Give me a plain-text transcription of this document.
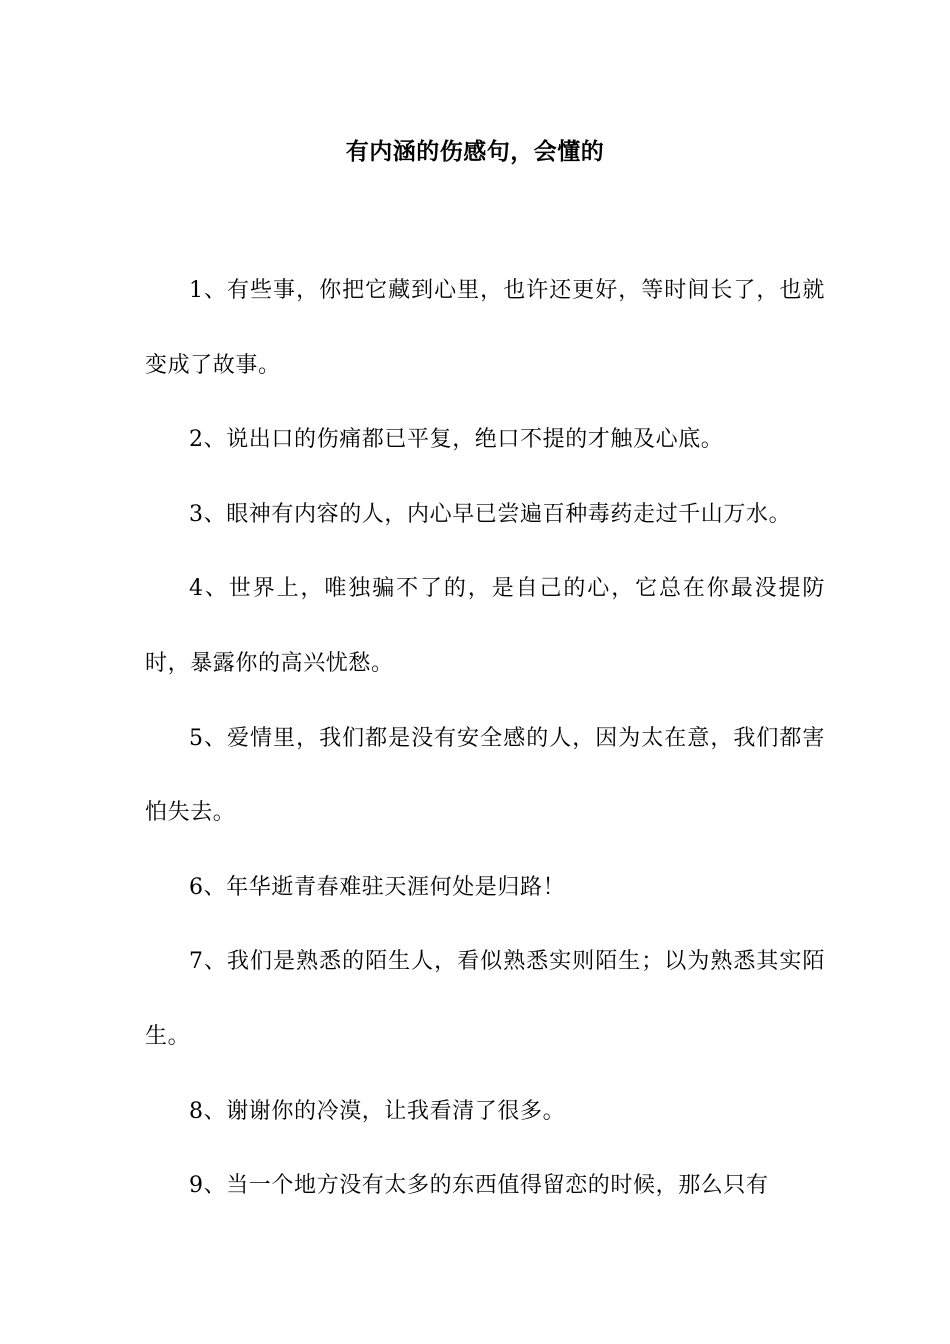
有内涵的伤感句，会懂的

1、有些事，你把它藏到心里，也许还更好，等时间长了，也就变成了故事。

2、说出口的伤痛都已平复，绝口不提的才触及心底。

3、眼神有内容的人，内心早已尝遍百种毒药走过千山万水。

4、世界上，唯独骗不了的，是自己的心，它总在你最没提防时，暴露你的高兴忧愁。

5、爱情里，我们都是没有安全感的人，因为太在意，我们都害怕失去。

6、年华逝青春难驻天涯何处是归路！

7、我们是熟悉的陌生人，看似熟悉实则陌生；以为熟悉其实陌生。

8、谢谢你的冷漠，让我看清了很多。

9、当一个地方没有太多的东西值得留恋的时候，那么只有
